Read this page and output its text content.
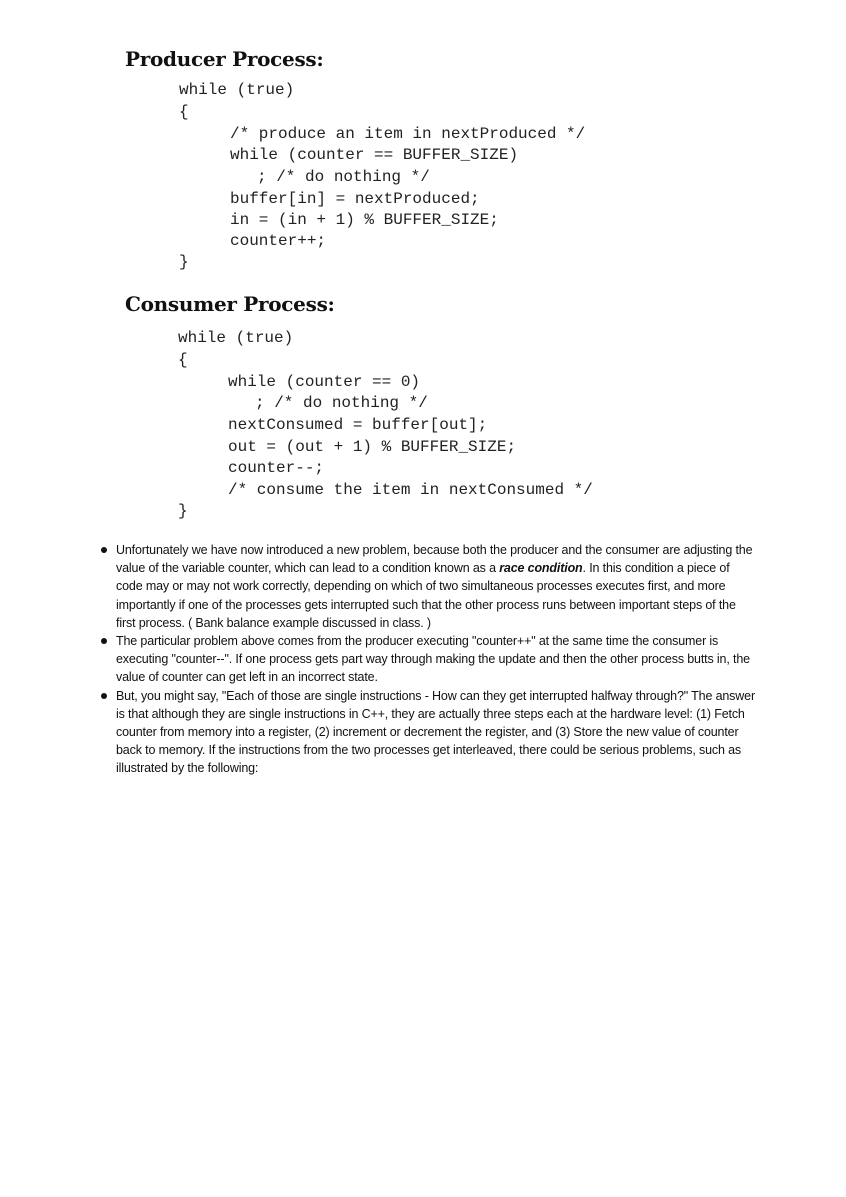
Producer Process:
while (true)
{
/* produce an item in nextProduced */
while (counter == BUFFER_SIZE)
; /* do nothing */
buffer[in] = nextProduced;
in = (in + 1) % BUFFER_SIZE;
counter++;
}
Consumer Process:
while (true)
{
while (counter == 0)
; /* do nothing */
nextConsumed = buffer[out];
out = (out + 1) % BUFFER_SIZE;
counter--;
/* consume the item in nextConsumed */
}
Unfortunately we have now introduced a new problem, because both the producer and the consumer are adjusting the value of the variable counter, which can lead to a condition known as a race condition. In this condition a piece of code may or may not work correctly, depending on which of two simultaneous processes executes first, and more importantly if one of the processes gets interrupted such that the other process runs between important steps of the first process. ( Bank balance example discussed in class. )
The particular problem above comes from the producer executing "counter++" at the same time the consumer is executing "counter--". If one process gets part way through making the update and then the other process butts in, the value of counter can get left in an incorrect state.
But, you might say, "Each of those are single instructions - How can they get interrupted halfway through?" The answer is that although they are single instructions in C++, they are actually three steps each at the hardware level: (1) Fetch counter from memory into a register, (2) increment or decrement the register, and (3) Store the new value of counter back to memory. If the instructions from the two processes get interleaved, there could be serious problems, such as illustrated by the following:
